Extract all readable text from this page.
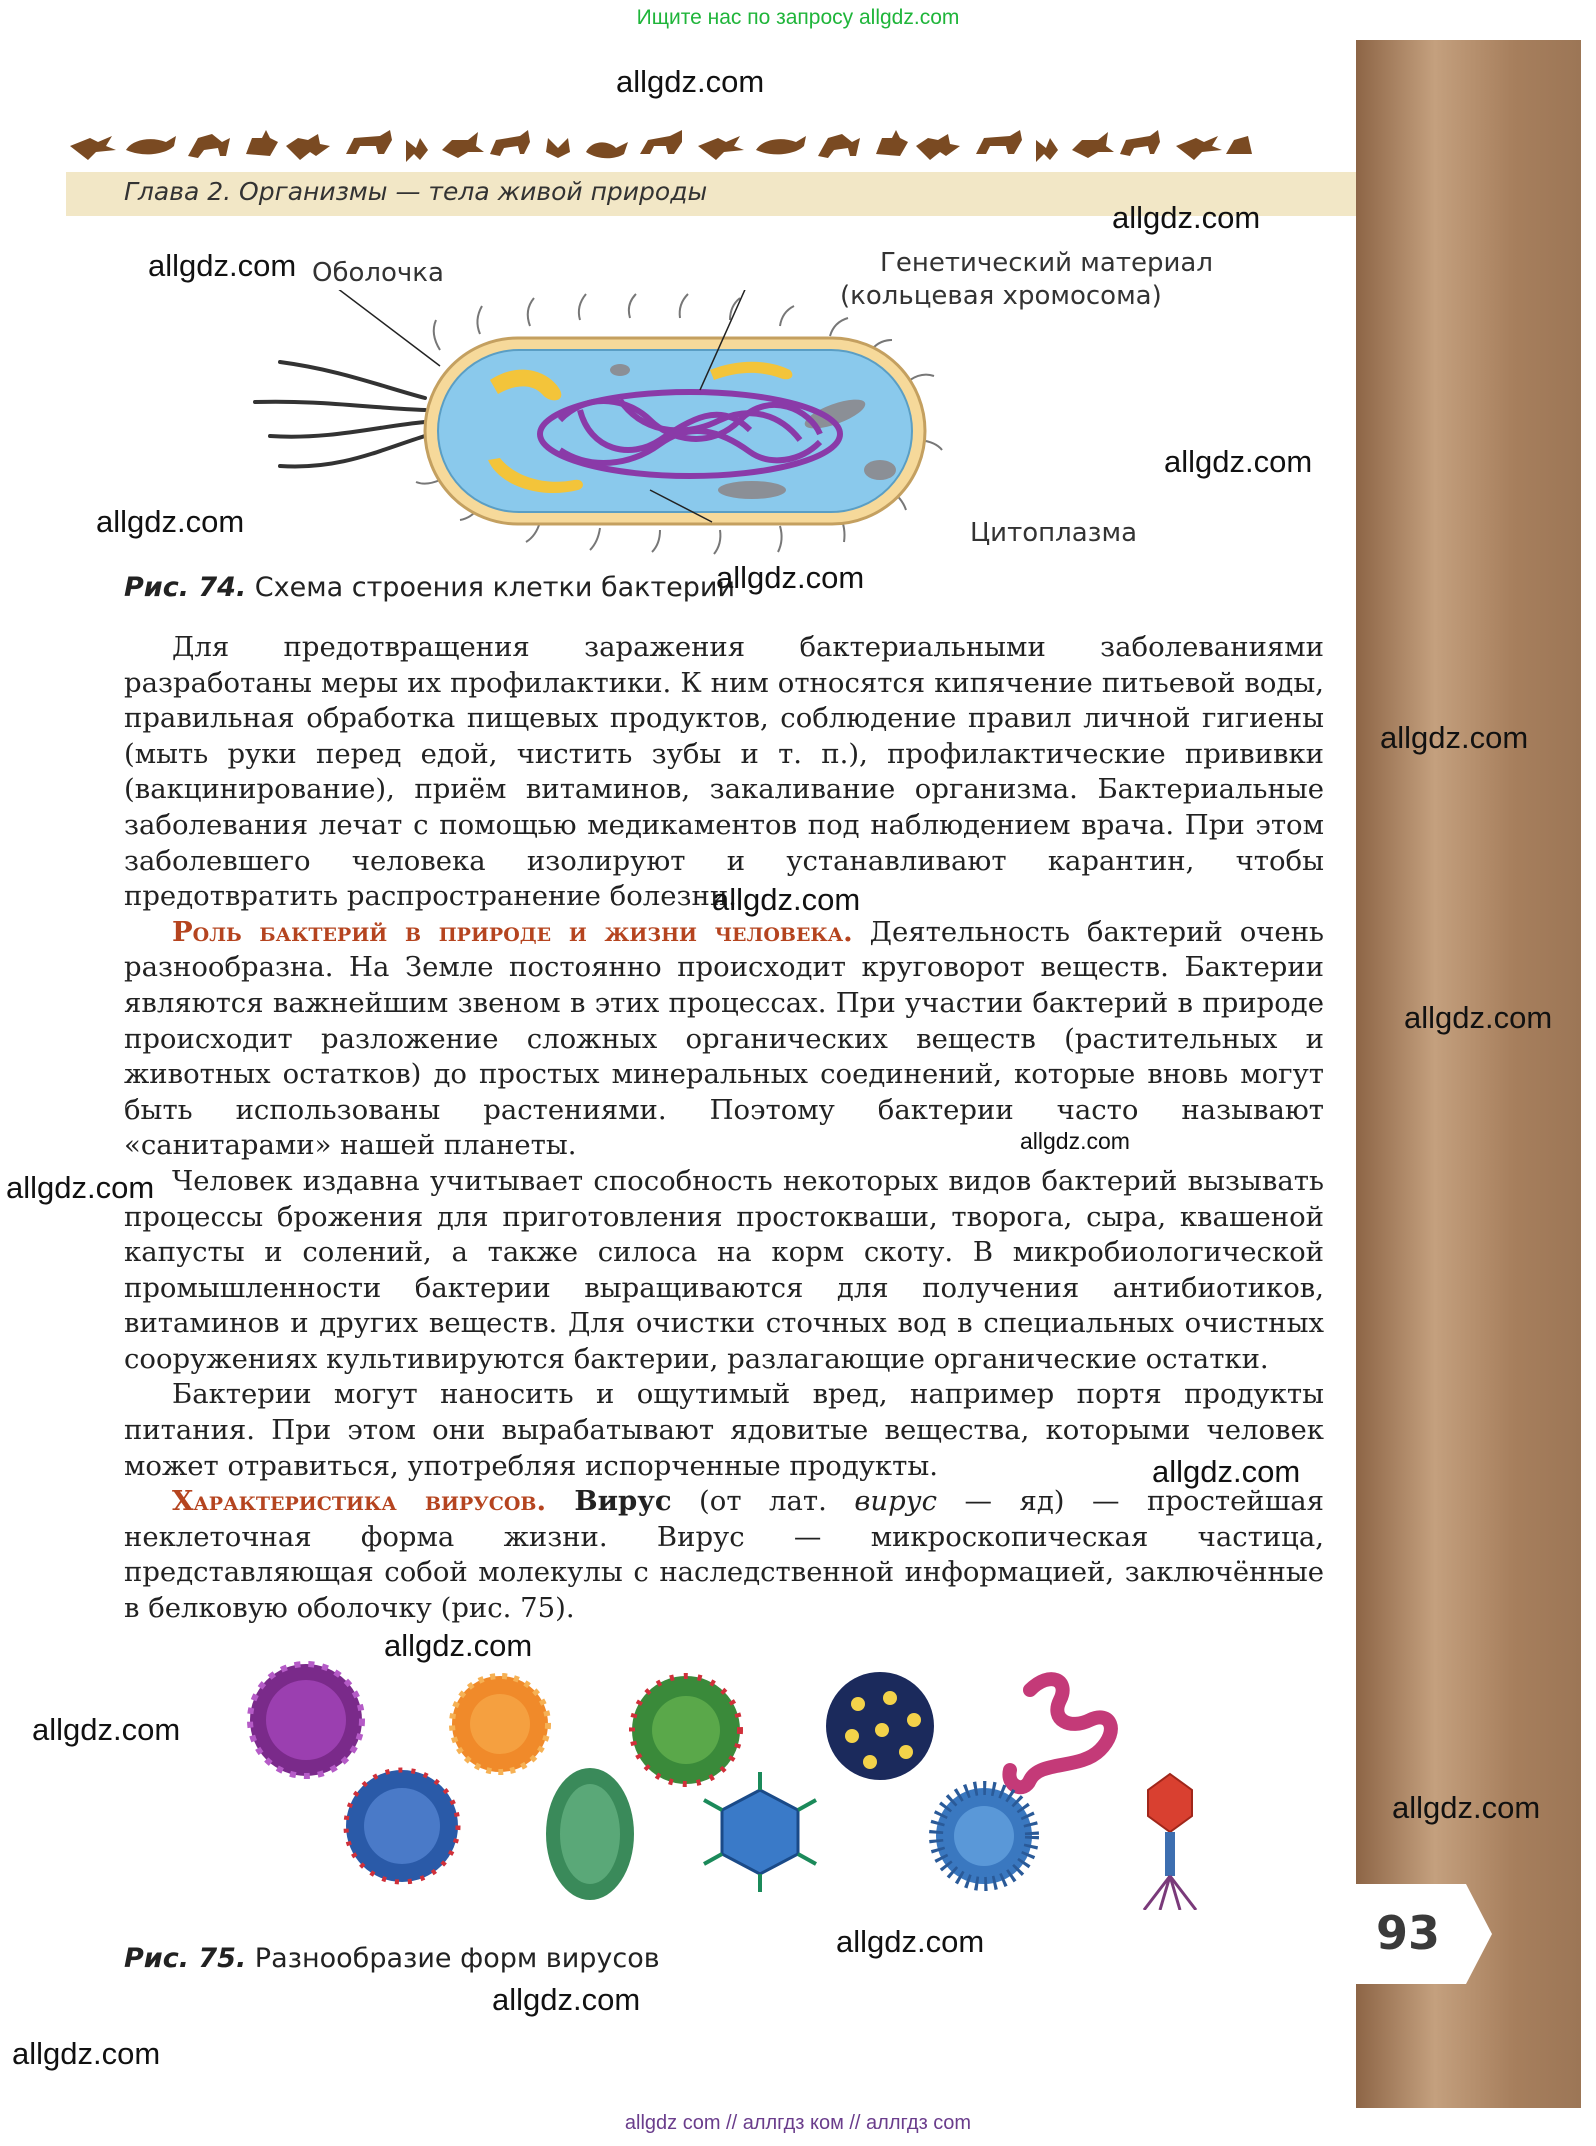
Ищите нас по запросу allgdz.com
93
Глава 2. Организмы — тела живой природы
Оболочка	Генетический материал
(кольцевая хромосома)
Цитоплазма
Рис. 74. Схема строения клетки бактерии

Для предотвращения заражения бактериальными заболеваниями разработаны меры их профилактики. К ним относятся кипячение питьевой воды, правильная обработка пищевых продуктов, соблюдение правил личной гигиены (мыть руки перед едой, чистить зубы и т. п.), профилактические прививки (вакцинирование), приём витаминов, закаливание организма. Бактериальные заболевания лечат с помощью медикаментов под наблюдением врача. При этом заболевшего человека изолируют и устанавливают карантин, чтобы предотвратить распространение болезни.

Роль бактерий в природе и жизни человека. Деятельность бактерий очень разнообразна. На Земле постоянно происходит круговорот веществ. Бактерии являются важнейшим звеном в этих процессах. При участии бактерий в природе происходит разложение сложных органических веществ (растительных и животных остатков) до простых минеральных соединений, которые вновь могут быть использованы растениями. Поэтому бактерии часто называют «санитарами» нашей планеты.

Человек издавна учитывает способность некоторых видов бактерий вызывать процессы брожения для приготовления простокваши, творога, сыра, квашеной капусты и солений, а также силоса на корм скоту. В микробиологической промышленности бактерии выращиваются для получения антибиотиков, витаминов и других веществ. Для очистки сточных вод в специальных очистных сооружениях культивируются бактерии, разлагающие органические остатки.

Бактерии могут наносить и ощутимый вред, например портя продукты питания. При этом они вырабатывают ядовитые вещества, которыми человек может отравиться, употребляя испорченные продукты.

Характеристика вирусов. Вирус (от лат. вирус — яд) — простейшая неклеточная форма жизни. Вирус — микроскопическая частица, представляющая собой молекулы с наследственной информацией, заключённые в белковую оболочку (рис. 75).

Рис. 75. Разнообразие форм вирусов
allgdz.com
allgdz.com
allgdz.com
allgdz.com
allgdz.com
allgdz.com
allgdz.com
allgdz.com
allgdz.com
allgdz.com
allgdz.com
allgdz.com
allgdz.com
allgdz.com
allgdz.com
allgdz.com
allgdz.com
allgdz.com
allgdz com // аллгдз ком // аллгдз com
